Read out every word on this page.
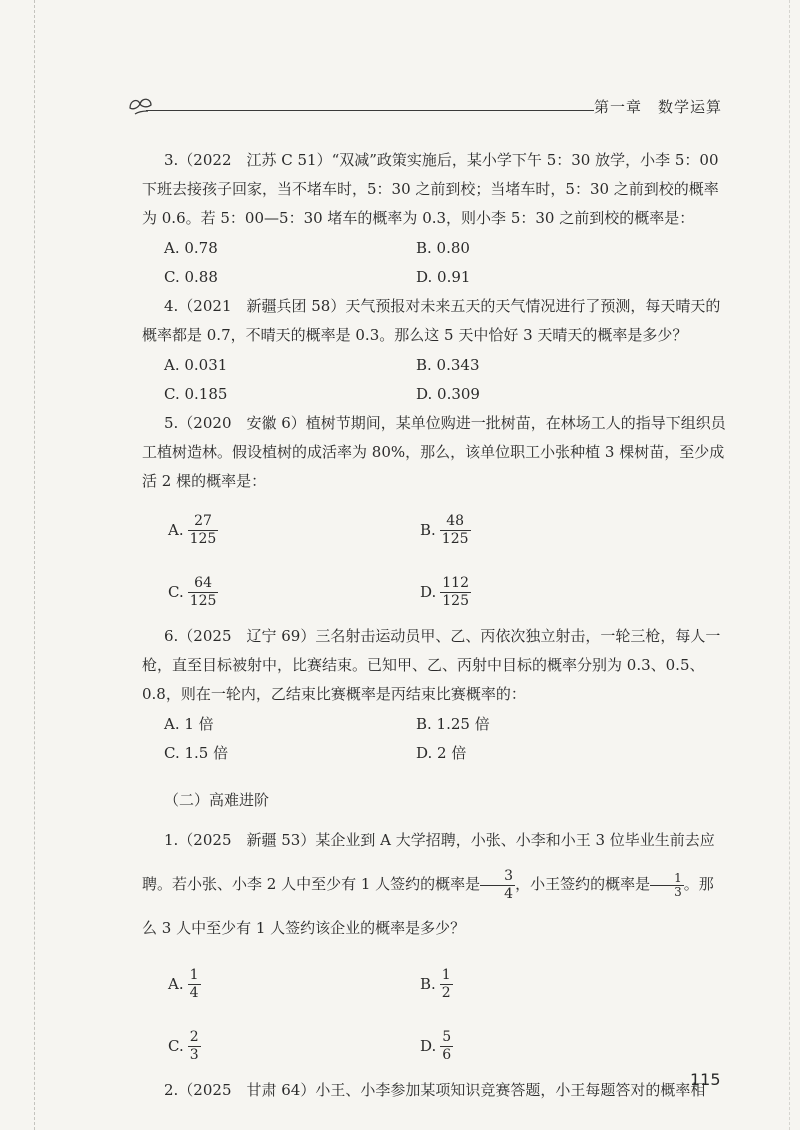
第一章　数学运算

3.（2022　江苏 C 51）“双减”政策实施后，某小学下午 5：30 放学，小李 5：00 下班去接孩子回家，当不堵车时，5：30 之前到校；当堵车时，5：30 之前到校的概率为 0.6。若 5：00—5：30 堵车的概率为 0.3，则小李 5：30 之前到校的概率是：

A. 0.78	B. 0.80
C. 0.88	D. 0.91

4.（2021　新疆兵团 58）天气预报对未来五天的天气情况进行了预测，每天晴天的概率都是 0.7，不晴天的概率是 0.3。那么这 5 天中恰好 3 天晴天的概率是多少？

A. 0.031	B. 0.343
C. 0.185	D. 0.309

5.（2020　安徽 6）植树节期间，某单位购进一批树苗，在林场工人的指导下组织员工植树造林。假设植树的成活率为 80%，那么，该单位职工小张种植 3 棵树苗，至少成活 2 棵的概率是：

A. $\frac{27}{125}$	B. $\frac{48}{125}$
C. $\frac{64}{125}$	D. $\frac{112}{125}$

6.（2025　辽宁 69）三名射击运动员甲、乙、丙依次独立射击，一轮三枪，每人一枪，直至目标被射中，比赛结束。已知甲、乙、丙射中目标的概率分别为 0.3、0.5、0.8，则在一轮内，乙结束比赛概率是丙结束比赛概率的：

A. 1 倍	B. 1.25 倍
C. 1.5 倍	D. 2 倍
（二）高难进阶

1.（2025　新疆 53）某企业到 A 大学招聘，小张、小李和小王 3 位毕业生前去应聘。若小张、小李 2 人中至少有 1 人签约的概率是 $\frac{3}{4}$ ，小王签约的概率是 $\frac{1}{3}$ 。那么 3 人中至少有 1 人签约该企业的概率是多少？

A. $\frac{1}{4}$	B. $\frac{1}{2}$
C. $\frac{2}{3}$	D. $\frac{5}{6}$

2.（2025　甘肃 64）小王、小李参加某项知识竞赛答题，小王每题答对的概率相

115
